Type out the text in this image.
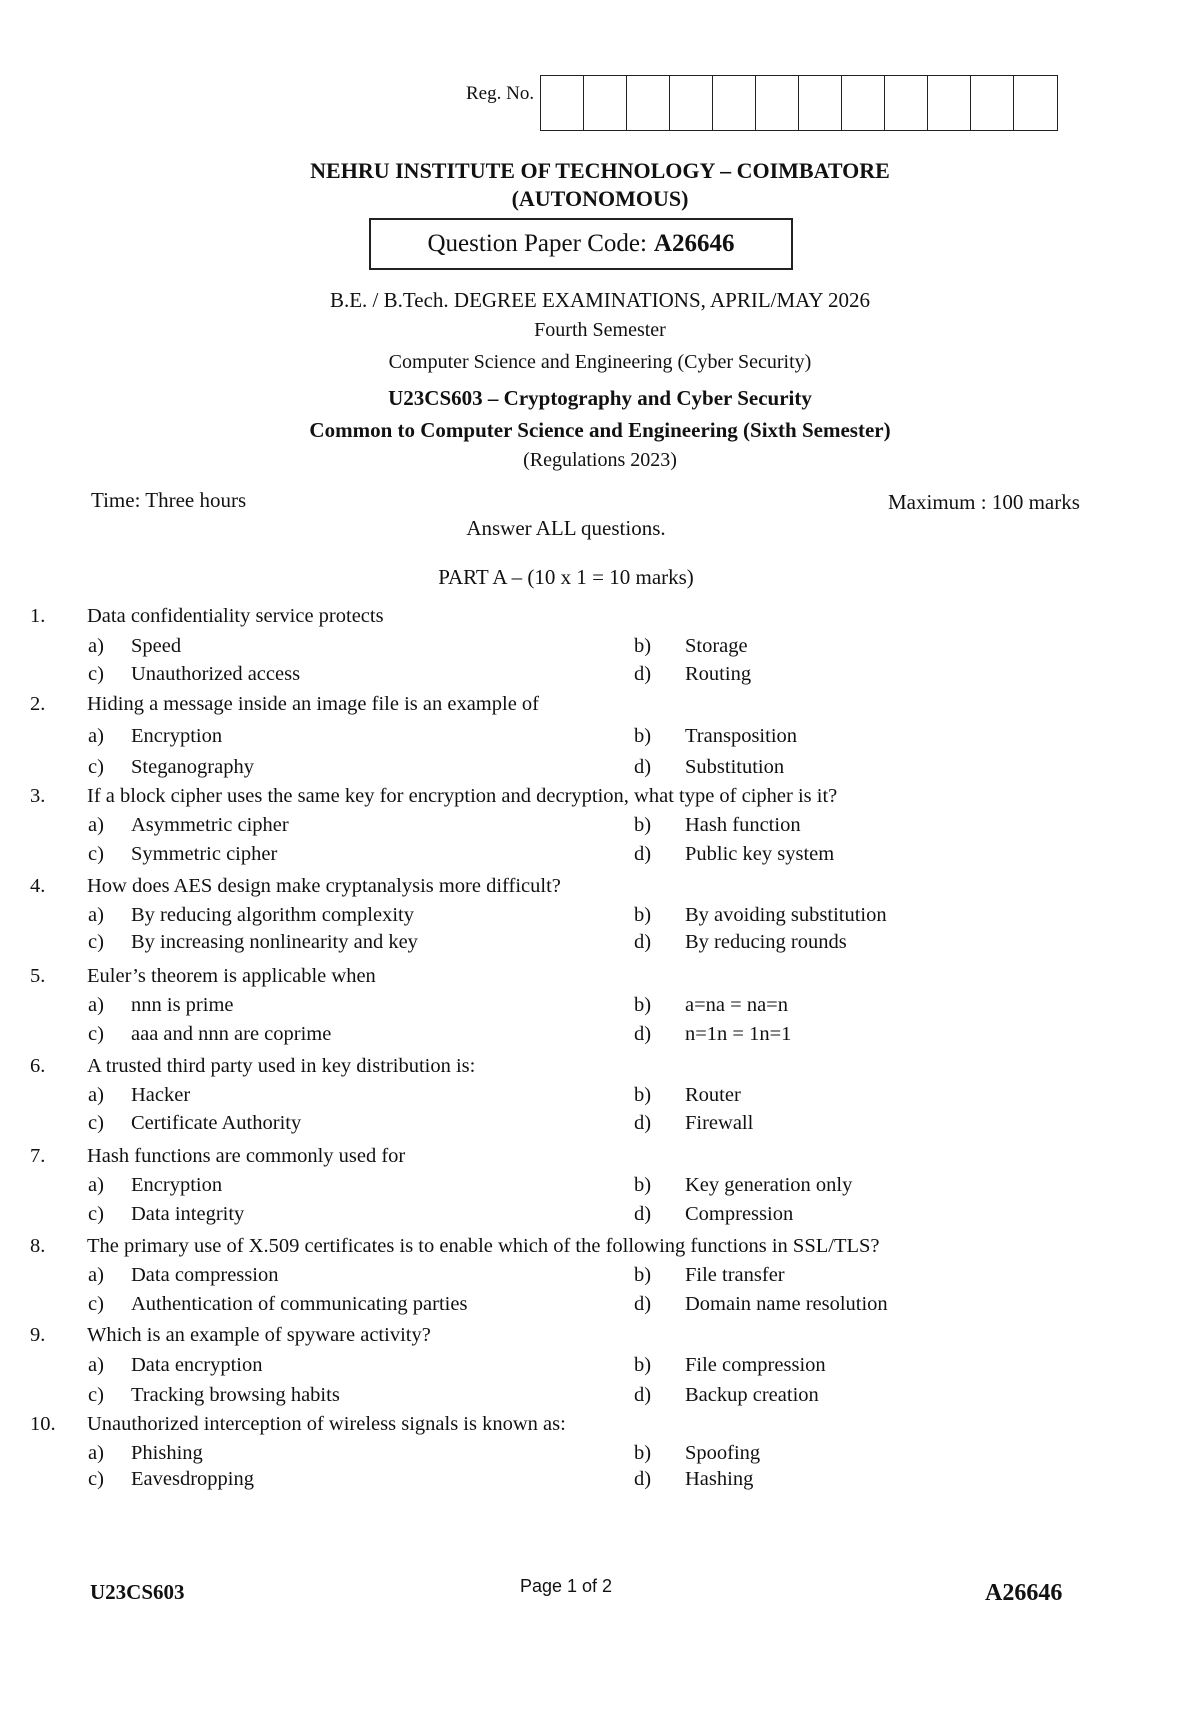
Reg. No.
NEHRU INSTITUTE OF TECHNOLOGY – COIMBATORE
(AUTONOMOUS)
Question Paper Code: A26646
B.E. / B.Tech. DEGREE EXAMINATIONS, APRIL/MAY 2026
Fourth Semester
Computer Science and Engineering (Cyber Security)
U23CS603 – Cryptography and Cyber Security
Common to Computer Science and Engineering (Sixth Semester)
(Regulations 2023)
Time: Three hours	Maximum : 100 marks
Answer ALL questions.
PART A – (10 x 1 = 10 marks)
1. Data confidentiality service protects
a) Speed	b) Storage
c) Unauthorized access	d) Routing
2. Hiding a message inside an image file is an example of
a) Encryption	b) Transposition
c) Steganography	d) Substitution
3. If a block cipher uses the same key for encryption and decryption, what type of cipher is it?
a) Asymmetric cipher	b) Hash function
c) Symmetric cipher	d) Public key system
4. How does AES design make cryptanalysis more difficult?
a) By reducing algorithm complexity	b) By avoiding substitution
c) By increasing nonlinearity and key	d) By reducing rounds
5. Euler’s theorem is applicable when
a) nnn is prime	b) a=na = na=n
c) aaa and nnn are coprime	d) n=1n = 1n=1
6. A trusted third party used in key distribution is:
a) Hacker	b) Router
c) Certificate Authority	d) Firewall
7. Hash functions are commonly used for
a) Encryption	b) Key generation only
c) Data integrity	d) Compression
8. The primary use of X.509 certificates is to enable which of the following functions in SSL/TLS?
a) Data compression	b) File transfer
c) Authentication of communicating parties	d) Domain name resolution
9. Which is an example of spyware activity?
a) Data encryption	b) File compression
c) Tracking browsing habits	d) Backup creation
10. Unauthorized interception of wireless signals is known as:
a) Phishing	b) Spoofing
c) Eavesdropping	d) Hashing
U23CS603	Page 1 of 2	A26646
